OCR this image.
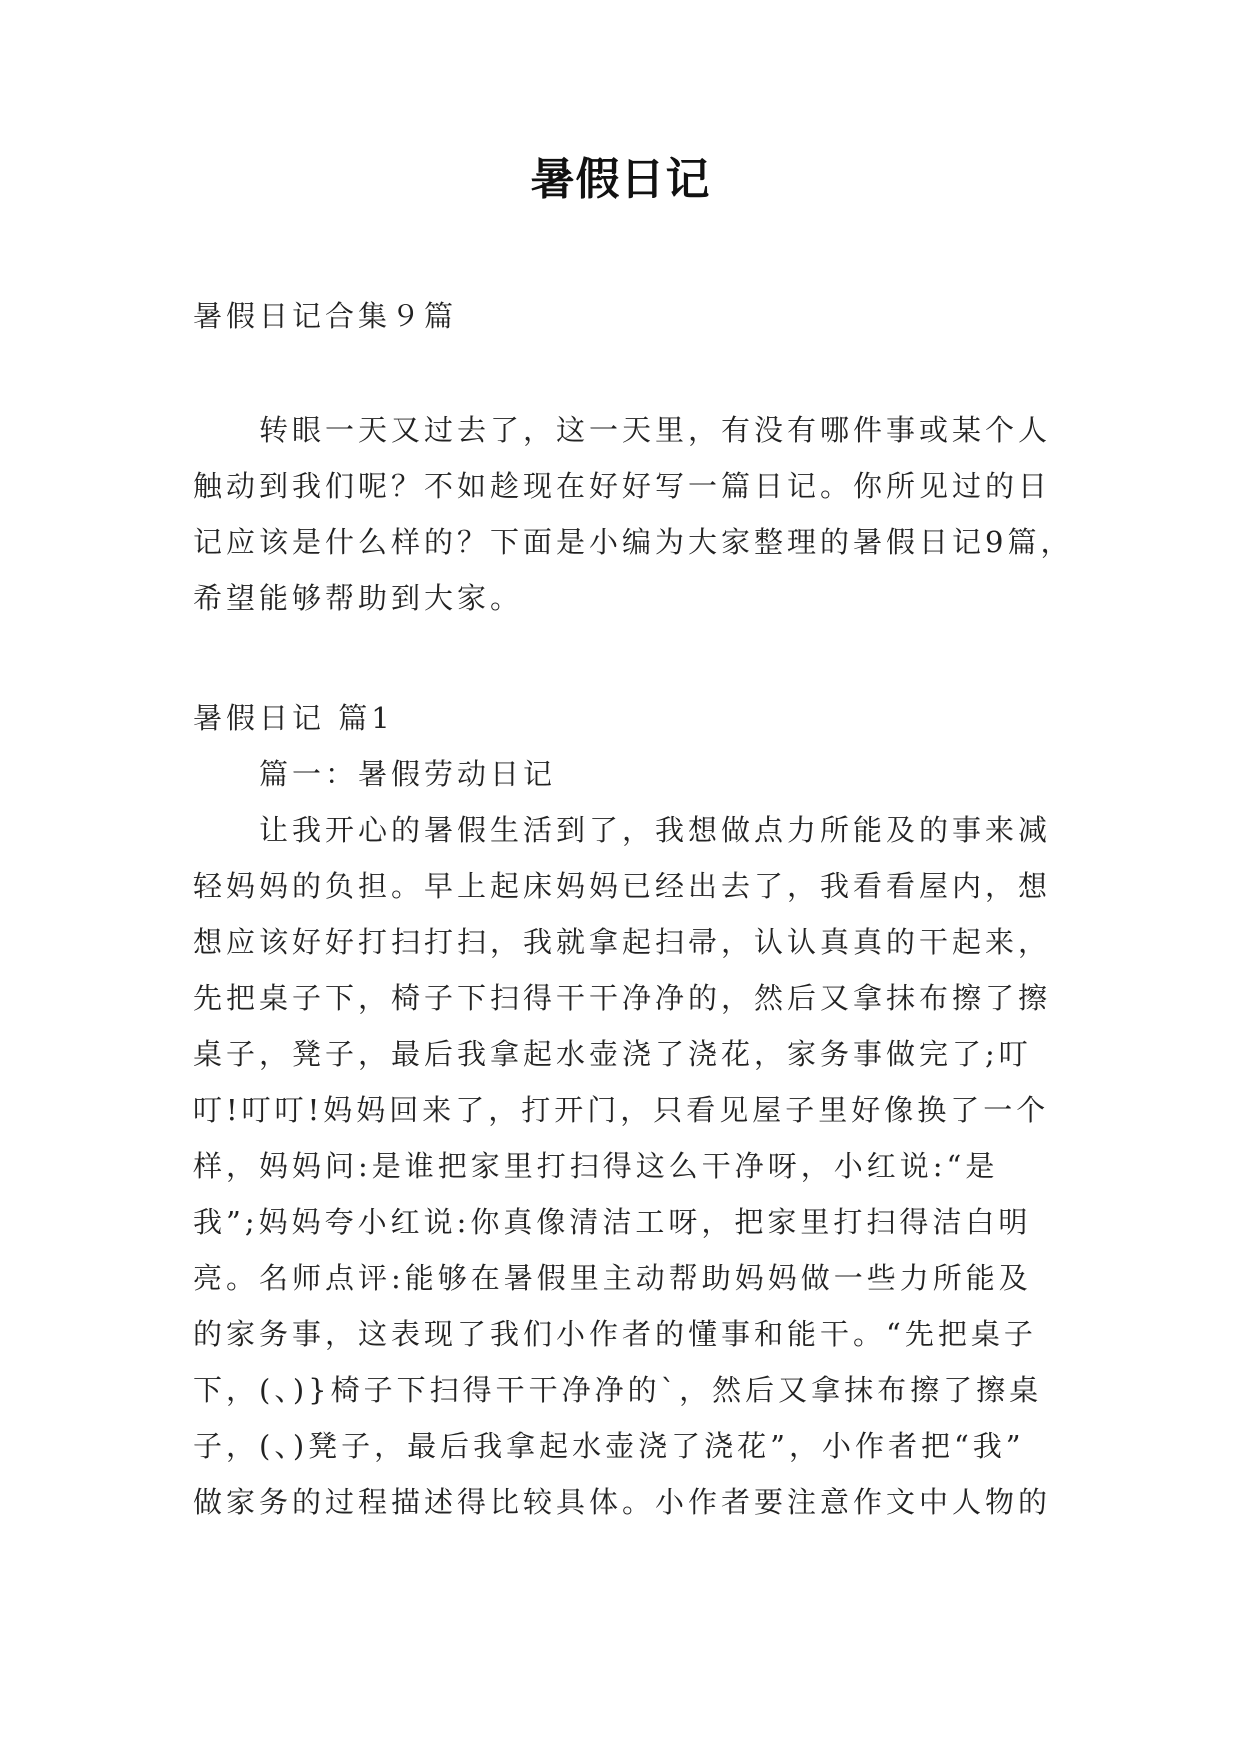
暑假日记
暑假日记合集９篇
转眼一天又过去了，这一天里，有没有哪件事或某个人
触动到我们呢？不如趁现在好好写一篇日记。你所见过的日
记应该是什么样的？下面是小编为大家整理的暑假日记9篇，
希望能够帮助到大家。
暑假日记 篇1
篇一：暑假劳动日记
让我开心的暑假生活到了，我想做点力所能及的事来减
轻妈妈的负担。早上起床妈妈已经出去了，我看看屋内，想
想应该好好打扫打扫，我就拿起扫帚，认认真真的干起来，
先把桌子下，椅子下扫得干干净净的，然后又拿抹布擦了擦
桌子，凳子，最后我拿起水壶浇了浇花，家务事做完了;叮
叮!叮叮!妈妈回来了，打开门，只看见屋子里好像换了一个
样，妈妈问:是谁把家里打扫得这么干净呀，小红说:“是
我”;妈妈夸小红说:你真像清洁工呀，把家里打扫得洁白明
亮。名师点评:能够在暑假里主动帮助妈妈做一些力所能及
的家务事，这表现了我们小作者的懂事和能干。“先把桌子
下，(、)}椅子下扫得干干净净的`，然后又拿抹布擦了擦桌
子，(、)凳子，最后我拿起水壶浇了浇花”，小作者把“我”
做家务的过程描述得比较具体。小作者要注意作文中人物的
